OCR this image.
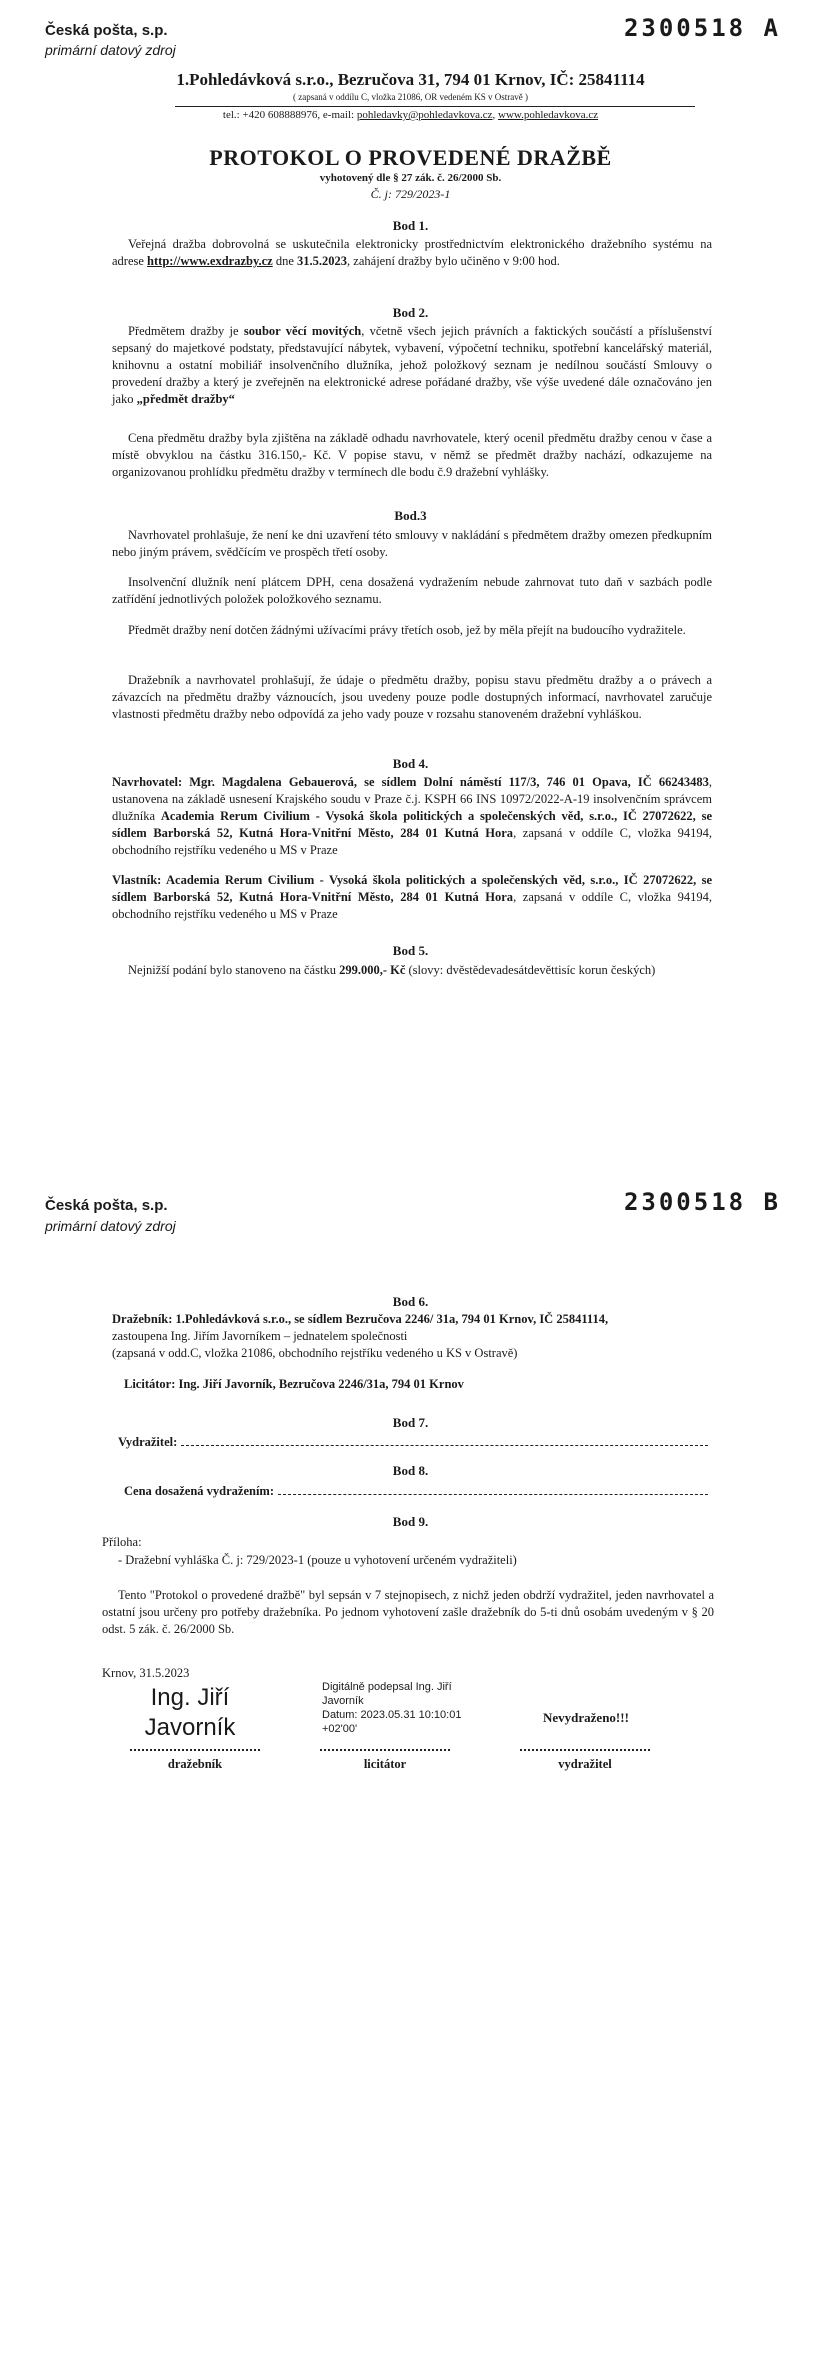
Česká pošta, s.p.
primární datový zdroj
2300518 A
1.Pohledávková s.r.o., Bezručova 31, 794 01 Krnov, IČ: 25841114
( zapsaná v oddílu C, vložka 21086, OR vedeném KS v Ostravě )
tel.: +420 608888976, e-mail: pohledavky@pohledavkova.cz, www.pohledavkova.cz
PROTOKOL O PROVEDENÉ DRAŽBĚ
vyhotovený dle § 27 zák. č. 26/2000 Sb.
Č. j: 729/2023-1
Bod 1.

Veřejná dražba dobrovolná se uskutečnila elektronicky prostřednictvím elektronického dražebního systému na adrese http://www.exdrazby.cz dne 31.5.2023, zahájení dražby bylo učiněno v 9:00 hod.

Bod 2.

Předmětem dražby je soubor věcí movitých, včetně všech jejich právních a faktických součástí a příslušenství sepsaný do majetkové podstaty, představující nábytek, vybavení, výpočetní techniku, spotřební kancelářský materiál, knihovnu a ostatní mobiliář insolvenčního dlužníka, jehož položkový seznam je nedílnou součástí Smlouvy o provedení dražby a který je zveřejněn na elektronické adrese pořádané dražby, vše výše uvedené dále označováno jen jako „předmět dražby“

Cena předmětu dražby byla zjištěna na základě odhadu navrhovatele, který ocenil předmětu dražby cenou v čase a místě obvyklou na částku 316.150,- Kč. V popise stavu, v němž se předmět dražby nachází, odkazujeme na organizovanou prohlídku předmětu dražby v termínech dle bodu č.9 dražební vyhlášky.

Bod.3

Navrhovatel prohlašuje, že není ke dni uzavření této smlouvy v nakládání s předmětem dražby omezen předkupním nebo jiným právem, svědčícím ve prospěch třetí osoby.

Insolvenční dlužník není plátcem DPH, cena dosažená vydražením nebude zahrnovat tuto daň v sazbách podle zatřídění jednotlivých položek položkového seznamu.

Předmět dražby není dotčen žádnými užívacími právy třetích osob, jež by měla přejít na budoucího vydražitele.

Dražebník a navrhovatel prohlašují, že údaje o předmětu dražby, popisu stavu předmětu dražby a o právech a závazcích na předmětu dražby váznoucích, jsou uvedeny pouze podle dostupných informací, navrhovatel zaručuje vlastnosti předmětu dražby nebo odpovídá za jeho vady pouze v rozsahu stanoveném dražební vyhláškou.

Bod 4.

Navrhovatel: Mgr. Magdalena Gebauerová, se sídlem Dolní náměstí 117/3, 746 01 Opava, IČ 66243483, ustanovena na základě usnesení Krajského soudu v Praze č.j. KSPH 66 INS 10972/2022-A-19 insolvenčním správcem dlužníka Academia Rerum Civilium - Vysoká škola politických a společenských věd, s.r.o., IČ 27072622, se sídlem Barborská 52, Kutná Hora-Vnitřní Město, 284 01 Kutná Hora, zapsaná v oddíle C, vložka 94194, obchodního rejstříku vedeného u MS v Praze

Vlastník: Academia Rerum Civilium - Vysoká škola politických a společenských věd, s.r.o., IČ 27072622, se sídlem Barborská 52, Kutná Hora-Vnitřní Město, 284 01 Kutná Hora, zapsaná v oddíle C, vložka 94194, obchodního rejstříku vedeného u MS v Praze

Bod 5.

Nejnižší podání bylo stanoveno na částku 299.000,- Kč (slovy: dvěstědevadesátdevěttisíc korun českých)

Česká pošta, s.p.
primární datový zdroj
2300518 B
Bod 6.

Dražebník: 1.Pohledávková s.r.o., se sídlem Bezručova 2246/ 31a, 794 01 Krnov, IČ 25841114,

zastoupena Ing. Jiřím Javorníkem – jednatelem společnosti

(zapsaná v odd.C, vložka 21086, obchodního rejstříku vedeného u KS v Ostravě)

Licitátor: Ing. Jiří Javorník, Bezručova 2246/31a, 794 01 Krnov

Bod 7.
Vydražitel:
Bod 8.
Cena dosažená vydražením:
Bod 9.

Příloha:

- Dražební vyhláška Č. j: 729/2023-1 (pouze u vyhotovení určeném vydražiteli)

Tento "Protokol o provedené dražbě" byl sepsán v 7 stejnopisech, z nichž jeden obdrží vydražitel, jeden navrhovatel a ostatní jsou určeny pro potřeby dražebníka. Po jednom vyhotovení zašle dražebník do 5-ti dnů osobám uvedeným v § 20 odst. 5 zák. č. 26/2000 Sb.

Krnov, 31.5.2023

Ing. Jiří
Javorník
Digitálně podepsal Ing. Jiří
Javorník
Datum: 2023.05.31 10:10:01
+02'00'
Nevydraženo!!!
dražebník	licitátor	vydražitel
